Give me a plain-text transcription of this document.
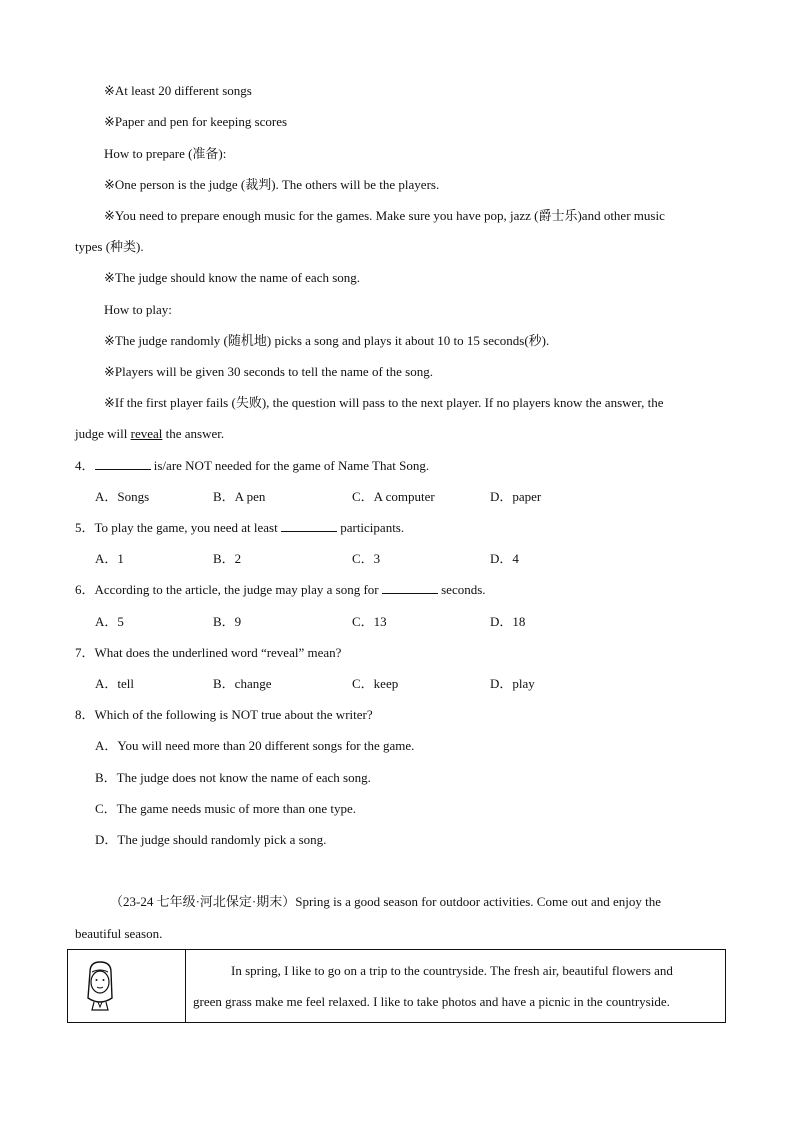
※At least 20 different songs
※Paper and pen for keeping scores
How to prepare (准备):
※One person is the judge (裁判). The others will be the players.
※You need to prepare enough music for the games. Make sure you have pop, jazz (爵士乐)and other music
types (种类).
※The judge should know the name of each song.
How to play:
※The judge randomly (随机地) picks a song and plays it about 10 to 15 seconds(秒).
※Players will be given 30 seconds to tell the name of the song.
※If the first player fails (失败), the question will pass to the next player. If no players know the answer, the
judge will reveal the answer.
4．	is/are NOT needed for the game of Name That Song.
A．Songs	B．A pen	C．A computer	D．paper
5．To play the game, you need at least	participants.
A．1	B．2	C．3	D．4
6．According to the article, the judge may play a song for	seconds.
A．5	B．9	C．13	D．18
7．What does the underlined word “reveal” mean?
A．tell	B．change	C．keep	D．play
8．Which of the following is NOT true about the writer?
A．You will need more than 20 different songs for the game.
B．The judge does not know the name of each song.
C．The game needs music of more than one type.
D．The judge should randomly pick a song.
（23-24 七年级·河北保定·期末）Spring is a good season for outdoor activities. Come out and enjoy the
beautiful season.
In spring, I like to go on a trip to the countryside. The fresh air, beautiful flowers and
green grass make me feel relaxed. I like to take photos and have a picnic in the countryside.
